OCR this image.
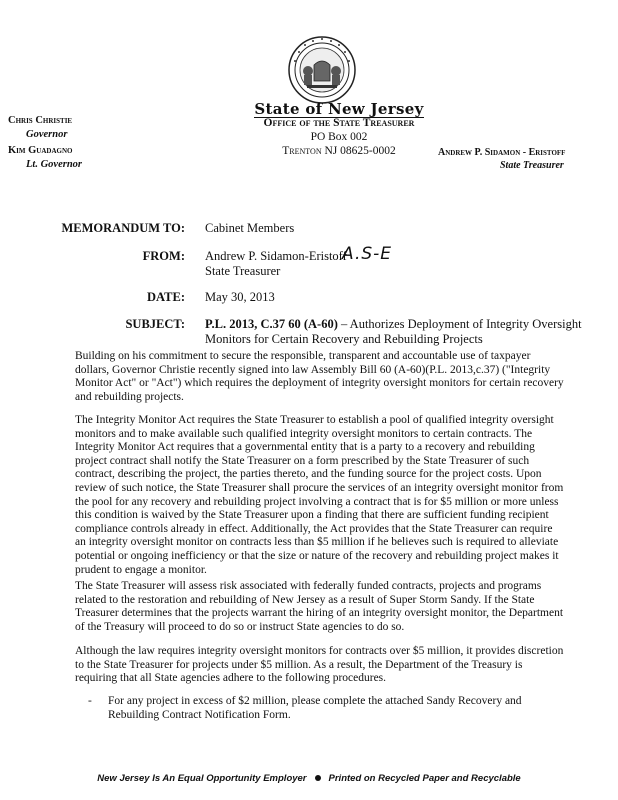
State of New Jersey
Office of the State Treasurer
PO Box 002
Trenton NJ 08625-0002
Chris Christie
Governor
Kim Guadagno
Lt. Governor
Andrew P. Sidamon - Eristoff
State Treasurer
MEMORANDUM TO: Cabinet Members
FROM: Andrew P. Sidamon-Eristoff
State Treasurer
A.S-E
DATE: May 30, 2013
SUBJECT: P.L. 2013, C.37 60 (A-60) – Authorizes Deployment of Integrity Oversight Monitors for Certain Recovery and Rebuilding Projects
Building on his commitment to secure the responsible, transparent and accountable use of taxpayer dollars, Governor Christie recently signed into law Assembly Bill 60 (A-60)(P.L. 2013,c.37) ("Integrity Monitor Act" or "Act") which requires the deployment of integrity oversight monitors for certain recovery and rebuilding projects.
The Integrity Monitor Act requires the State Treasurer to establish a pool of qualified integrity oversight monitors and to make available such qualified integrity oversight monitors to certain contracts. The Integrity Monitor Act requires that a governmental entity that is a party to a recovery and rebuilding project contract shall notify the State Treasurer on a form prescribed by the State Treasurer of such contract, describing the project, the parties thereto, and the funding source for the project costs. Upon review of such notice, the State Treasurer shall procure the services of an integrity oversight monitor from the pool for any recovery and rebuilding project involving a contract that is for $5 million or more unless this condition is waived by the State Treasurer upon a finding that there are sufficient funding recipient compliance controls already in effect. Additionally, the Act provides that the State Treasurer can require an integrity oversight monitor on contracts less than $5 million if he believes such is required to alleviate potential or ongoing inefficiency or that the size or nature of the recovery and rebuilding project makes it prudent to engage a monitor.
The State Treasurer will assess risk associated with federally funded contracts, projects and programs related to the restoration and rebuilding of New Jersey as a result of Super Storm Sandy. If the State Treasurer determines that the projects warrant the hiring of an integrity oversight monitor, the Department of the Treasury will proceed to do so or instruct State agencies to do so.
Although the law requires integrity oversight monitors for contracts over $5 million, it provides discretion to the State Treasurer for projects under $5 million. As a result, the Department of the Treasury is requiring that all State agencies adhere to the following procedures.
- For any project in excess of $2 million, please complete the attached Sandy Recovery and Rebuilding Contract Notification Form.
New Jersey Is An Equal Opportunity Employer Printed on Recycled Paper and Recyclable
